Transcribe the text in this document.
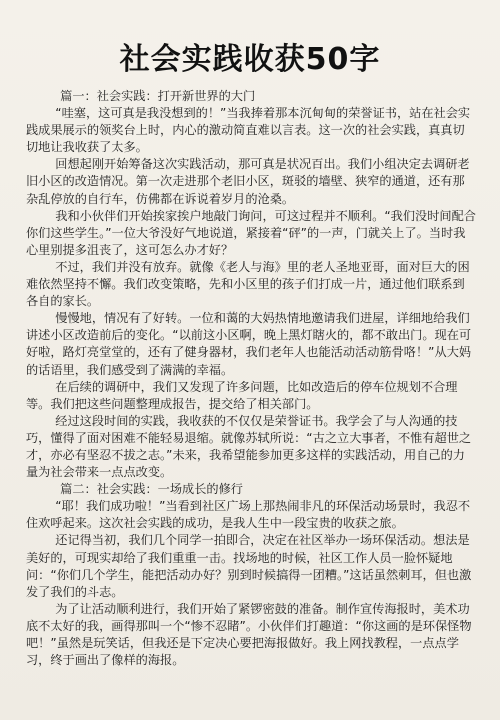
社会实践收获50字

篇一：社会实践：打开新世界的大门

“哇塞，这可真是我没想到的！”当我捧着那本沉甸甸的荣誉证书，站在社会实践成果展示的领奖台上时，内心的激动简直难以言表。这一次的社会实践，真真切切地让我收获了太多。

回想起刚开始筹备这次实践活动，那可真是状况百出。我们小组决定去调研老旧小区的改造情况。第一次走进那个老旧小区，斑驳的墙壁、狭窄的通道，还有那杂乱停放的自行车，仿佛都在诉说着岁月的沧桑。

我和小伙伴们开始挨家挨户地敲门询问，可这过程并不顺利。“我们没时间配合你们这些学生。”一位大爷没好气地说道，紧接着“砰”的一声，门就关上了。当时我心里别提多沮丧了，这可怎么办才好？

不过，我们并没有放弃。就像《老人与海》里的老人圣地亚哥，面对巨大的困难依然坚持不懈。我们改变策略，先和小区里的孩子们打成一片，通过他们联系到各自的家长。

慢慢地，情况有了好转。一位和蔼的大妈热情地邀请我们进屋，详细地给我们讲述小区改造前后的变化。“以前这小区啊，晚上黑灯瞎火的，都不敢出门。现在可好啦，路灯亮堂堂的，还有了健身器材，我们老年人也能活动活动筋骨咯！”从大妈的话语里，我们感受到了满满的幸福。

在后续的调研中，我们又发现了许多问题，比如改造后的停车位规划不合理等。我们把这些问题整理成报告，提交给了相关部门。

经过这段时间的实践，我收获的不仅仅是荣誉证书。我学会了与人沟通的技巧，懂得了面对困难不能轻易退缩。就像苏轼所说：“古之立大事者，不惟有超世之才，亦必有坚忍不拔之志。”未来，我希望能参加更多这样的实践活动，用自己的力量为社会带来一点点改变。

篇二：社会实践：一场成长的修行

“耶！我们成功啦！”当看到社区广场上那热闹非凡的环保活动场景时，我忍不住欢呼起来。这次社会实践的成功，是我人生中一段宝贵的收获之旅。

还记得当初，我们几个同学一拍即合，决定在社区举办一场环保活动。想法是美好的，可现实却给了我们重重一击。找场地的时候，社区工作人员一脸怀疑地问：“你们几个学生，能把活动办好？别到时候搞得一团糟。”这话虽然刺耳，但也激发了我们的斗志。

为了让活动顺利进行，我们开始了紧锣密鼓的准备。制作宣传海报时，美术功底不太好的我，画得那叫一个“惨不忍睹”。小伙伴们打趣道：“你这画的是环保怪物吧！”虽然是玩笑话，但我还是下定决心要把海报做好。我上网找教程，一点点学习，终于画出了像样的海报。
